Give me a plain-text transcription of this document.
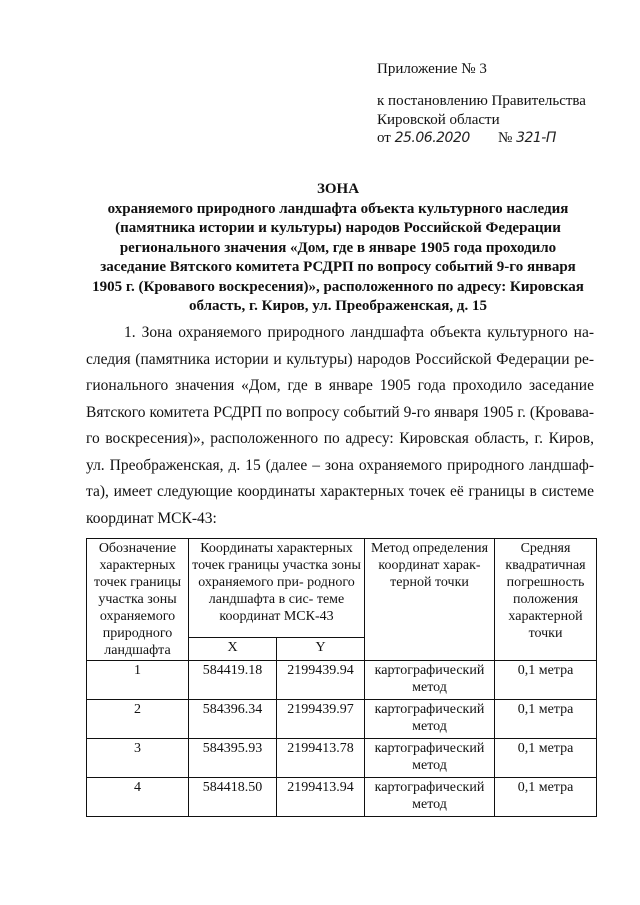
Приложение № 3
к постановлению Правительства
Кировской области
от 25.06.2020 № 321-П
ЗОНА
охраняемого природного ландшафта объекта культурного наследия
(памятника истории и культуры) народов Российской Федерации
регионального значения «Дом, где в январе 1905 года проходило
заседание Вятского комитета РСДРП по вопросу событий 9-го января
1905 г. (Кровавого воскресения)», расположенного по адресу: Кировская
область, г. Киров, ул. Преображенская, д. 15
1. Зона охраняемого природного ландшафта объекта культурного на-
следия (памятника истории и культуры) народов Российской Федерации ре-
гионального значения «Дом, где в январе 1905 года проходило заседание
Вятского комитета РСДРП по вопросу событий 9-го января 1905 г. (Кровава-
го воскресения)», расположенного по адресу: Кировская область, г. Киров,
ул. Преображенская, д. 15 (далее – зона охраняемого природного ландшаф-
та), имеет следующие координаты характерных точек её границы в системе
координат МСК-43:
Обозначение характерных точек границы участка зоны охраняемого природного ландшафта	Координаты характерных точек границы участка зоны охраняемого при- родного ландшафта в сис- теме координат МСК-43		Метод определения координат харак- терной точки	Средняя квадратичная погрешность положения характерной точки
	X	Y		
1	584419.18	2199439.94	картографический метод	0,1 метра
2	584396.34	2199439.97	картографический метод	0,1 метра
3	584395.93	2199413.78	картографический метод	0,1 метра
4	584418.50	2199413.94	картографический метод	0,1 метра
